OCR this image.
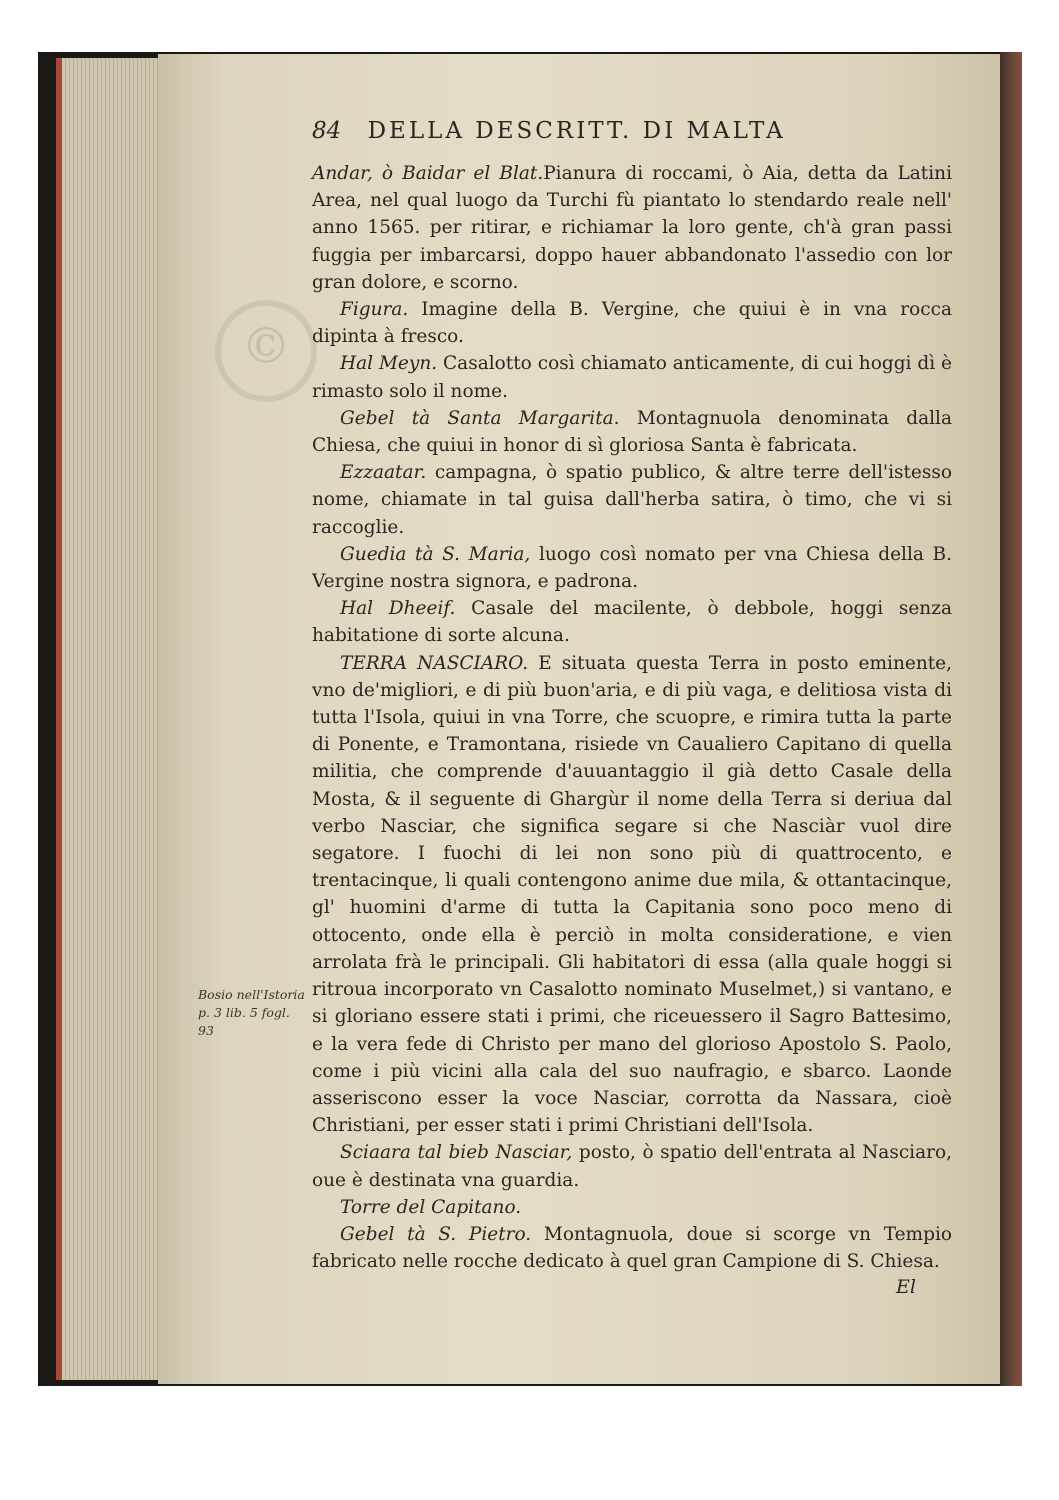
©
84 DELLA DESCRITT. DI MALTA

Andar, ò Baidar el Blat.Pianura di roccami, ò Aia, detta da Latini Area, nel qual luogo da Turchi fù piantato lo stendardo reale nell' anno 1565. per ritirar, e richiamar la loro gente, ch'à gran passi fuggia per imbarcarsi, doppo hauer abbandonato l'assedio con lor gran dolore, e scorno.

Figura. Imagine della B. Vergine, che quiui è in vna rocca dipinta à fresco.

Hal Meyn. Casalotto così chiamato anticamente, di cui hoggi dì è rimasto solo il nome.

Gebel tà Santa Margarita. Montagnuola denominata dalla Chiesa, che quiui in honor di sì gloriosa Santa è fabricata.

Ezzaatar. campagna, ò spatio publico, & altre terre dell'istesso nome, chiamate in tal guisa dall'herba satira, ò timo, che vi si raccoglie.

Guedia tà S. Maria, luogo così nomato per vna Chiesa della B. Vergine nostra signora, e padrona.

Hal Dheeif. Casale del macilente, ò debbole, hoggi senza habitatione di sorte alcuna.

TERRA NASCIARO. E situata questa Terra in posto eminente, vno de'migliori, e di più buon'aria, e di più vaga, e delitiosa vista di tutta l'Isola, quiui in vna Torre, che scuopre, e rimira tutta la parte di Ponente, e Tramontana, risiede vn Caualiero Capitano di quella militia, che comprende d'auuantaggio il già detto Casale della Mosta, & il seguente di Ghargùr il nome della Terra si deriua dal verbo Nasciar, che significa segare si che Nasciàr vuol dire segatore. I fuochi di lei non sono più di quattrocento, e trentacinque, li quali contengono anime due mila, & ottantacinque, gl' huomini d'arme di tutta la Capitania sono poco meno di ottocento, onde ella è perciò in molta consideratione, e vien arrolata frà le principali. Gli habitatori di essa (alla quale hoggi si ritroua incorporato vn Casalotto nominato Muselmet,) si vantano, e si gloriano essere stati i primi, che riceuessero il Sagro Battesimo, e la vera fede di Christo per mano del glorioso Apostolo S. Paolo, come i più vicini alla cala del suo naufragio, e sbarco. Laonde asseriscono esser la voce Nasciar, corrotta da Nassara, cioè Christiani, per esser stati i primi Christiani dell'Isola.

Sciaara tal bieb Nasciar, posto, ò spatio dell'entrata al Nasciaro, oue è destinata vna guardia.

Torre del Capitano.

Gebel tà S. Pietro. Montagnuola, doue si scorge vn Tempio fabricato nelle rocche dedicato à quel gran Campione di S. Chiesa.

Bosio nell'Istoria
p. 3 lib. 5 fogl. 93
El
